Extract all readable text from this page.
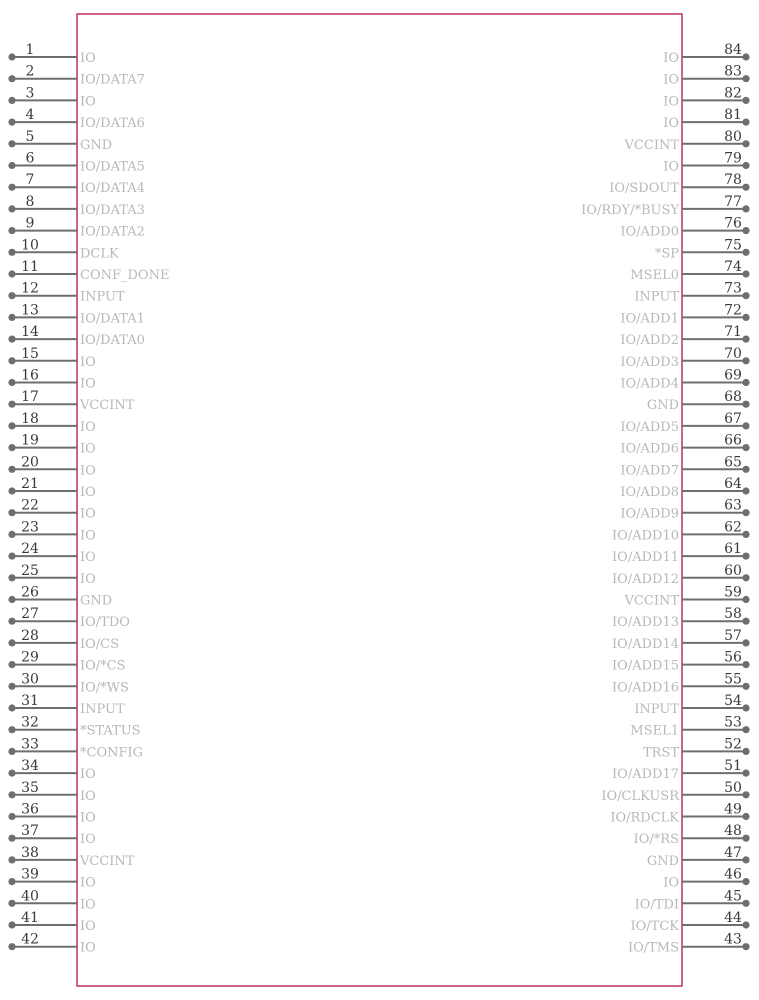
1
IO
2
IO/DATA7
3
IO
4
IO/DATA6
5
GND
6
IO/DATA5
7
IO/DATA4
8
IO/DATA3
9
IO/DATA2
10
DCLK
11
CONF_DONE
12
INPUT
13
IO/DATA1
14
IO/DATA0
15
IO
16
IO
17
VCCINT
18
IO
19
IO
20
IO
21
IO
22
IO
23
IO
24
IO
25
IO
26
GND
27
IO/TDO
28
IO/CS
29
IO/*CS
30
IO/*WS
31
INPUT
32
*STATUS
33
*CONFIG
34
IO
35
IO
36
IO
37
IO
38
VCCINT
39
IO
40
IO
41
IO
42
IO
84
IO
83
IO
82
IO
81
IO
80
VCCINT
79
IO
78
IO/SDOUT
77
IO/RDY/*BUSY
76
IO/ADD0
75
*SP
74
MSEL0
73
INPUT
72
IO/ADD1
71
IO/ADD2
70
IO/ADD3
69
IO/ADD4
68
GND
67
IO/ADD5
66
IO/ADD6
65
IO/ADD7
64
IO/ADD8
63
IO/ADD9
62
IO/ADD10
61
IO/ADD11
60
IO/ADD12
59
VCCINT
58
IO/ADD13
57
IO/ADD14
56
IO/ADD15
55
IO/ADD16
54
INPUT
53
MSEL1
52
TRST
51
IO/ADD17
50
IO/CLKUSR
49
IO/RDCLK
48
IO/*RS
47
GND
46
IO
45
IO/TDI
44
IO/TCK
43
IO/TMS
